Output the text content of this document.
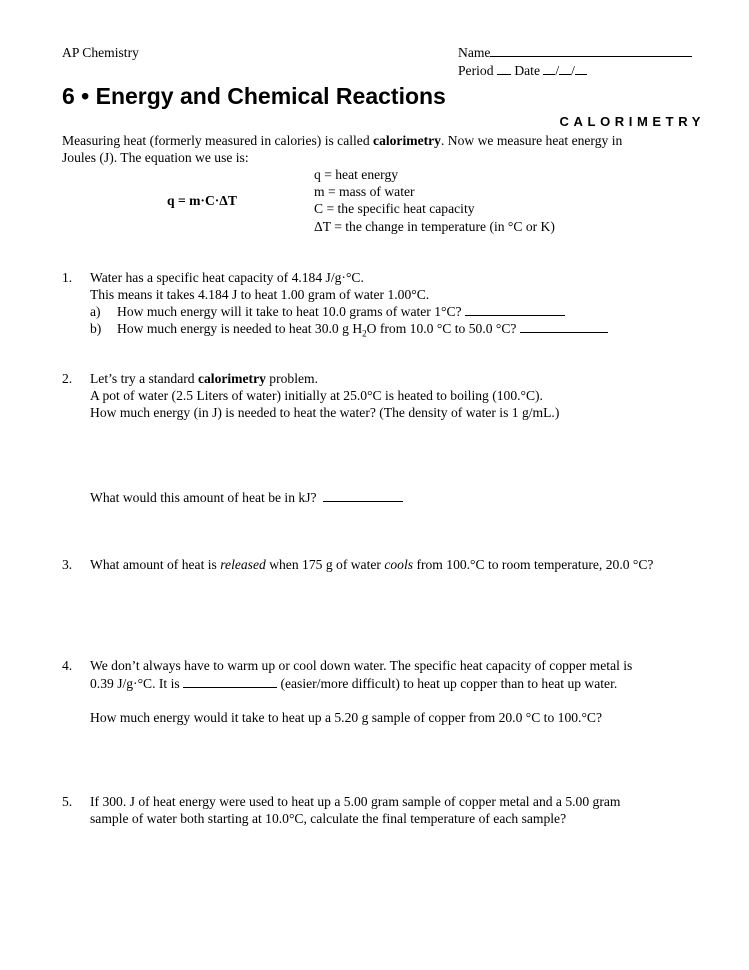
AP Chemistry	Name
Period Date / /
6 • Energy and Chemical Reactions
CALORIMETRY
Measuring heat (formerly measured in calories) is called calorimetry. Now we measure heat energy in
Joules (J). The equation we use is:
q = m·C·ΔT
q = heat energy
m = mass of water
C = the specific heat capacity
ΔT = the change in temperature (in °C or K)
1. Water has a specific heat capacity of 4.184 J/g·°C.
This means it takes 4.184 J to heat 1.00 gram of water 1.00°C.
a) How much energy will it take to heat 10.0 grams of water 1°C?
b) How much energy is needed to heat 30.0 g $H_2O$ from 10.0 °C to 50.0 °C?
2. Let’s try a standard calorimetry problem.
A pot of water (2.5 Liters of water) initially at 25.0°C is heated to boiling (100.°C).
How much energy (in J) is needed to heat the water? (The density of water is 1 g/mL.)
What would this amount of heat be in kJ?
3. What amount of heat is released when 175 g of water cools from 100.°C to room temperature, 20.0 °C?
4. We don’t always have to warm up or cool down water. The specific heat capacity of copper metal is
0.39 J/g·°C. It is	(easier/more difficult) to heat up copper than to heat up water.
How much energy would it take to heat up a 5.20 g sample of copper from 20.0 °C to 100.°C?
5. If 300. J of heat energy were used to heat up a 5.00 gram sample of copper metal and a 5.00 gram
sample of water both starting at 10.0°C, calculate the final temperature of each sample?
